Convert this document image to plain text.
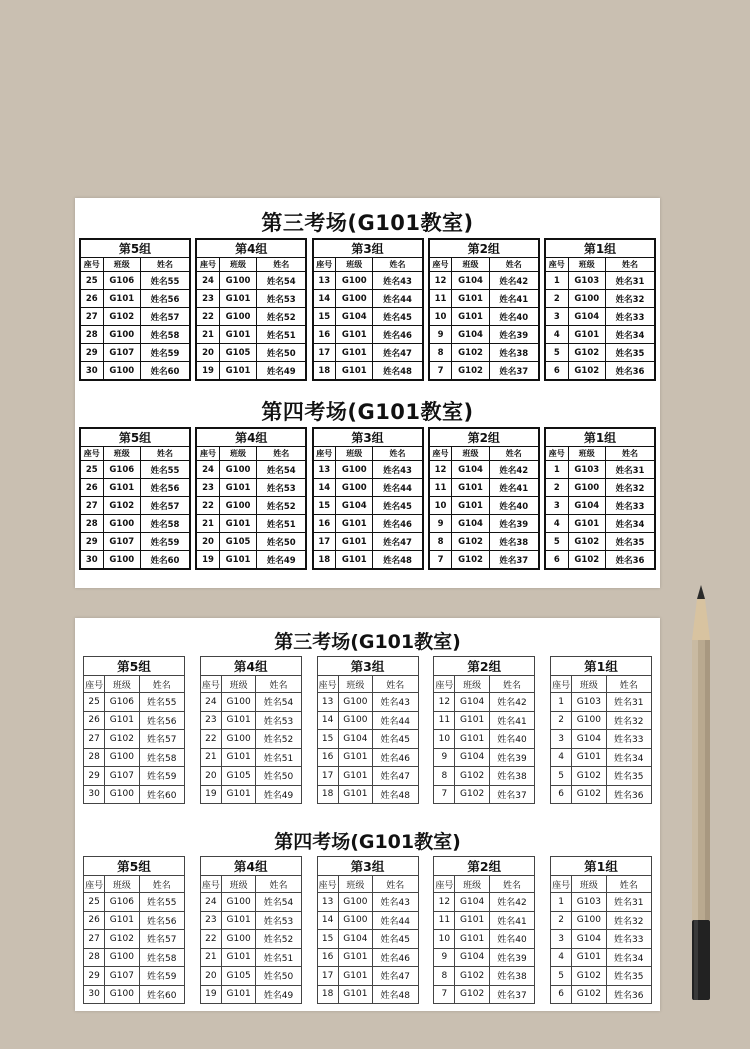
第三考场(G101教室)
第5组		
座号	班级	姓名
25	G106	姓名55
26	G101	姓名56
27	G102	姓名57
28	G100	姓名58
29	G107	姓名59
30	G100	姓名60
第4组		
座号	班级	姓名
24	G100	姓名54
23	G101	姓名53
22	G100	姓名52
21	G101	姓名51
20	G105	姓名50
19	G101	姓名49
第3组		
座号	班级	姓名
13	G100	姓名43
14	G100	姓名44
15	G104	姓名45
16	G101	姓名46
17	G101	姓名47
18	G101	姓名48
第2组		
座号	班级	姓名
12	G104	姓名42
11	G101	姓名41
10	G101	姓名40
9	G104	姓名39
8	G102	姓名38
7	G102	姓名37
第1组		
座号	班级	姓名
1	G103	姓名31
2	G100	姓名32
3	G104	姓名33
4	G101	姓名34
5	G102	姓名35
6	G102	姓名36
第四考场(G101教室)
第5组		
座号	班级	姓名
25	G106	姓名55
26	G101	姓名56
27	G102	姓名57
28	G100	姓名58
29	G107	姓名59
30	G100	姓名60
第4组		
座号	班级	姓名
24	G100	姓名54
23	G101	姓名53
22	G100	姓名52
21	G101	姓名51
20	G105	姓名50
19	G101	姓名49
第3组		
座号	班级	姓名
13	G100	姓名43
14	G100	姓名44
15	G104	姓名45
16	G101	姓名46
17	G101	姓名47
18	G101	姓名48
第2组		
座号	班级	姓名
12	G104	姓名42
11	G101	姓名41
10	G101	姓名40
9	G104	姓名39
8	G102	姓名38
7	G102	姓名37
第1组		
座号	班级	姓名
1	G103	姓名31
2	G100	姓名32
3	G104	姓名33
4	G101	姓名34
5	G102	姓名35
6	G102	姓名36
第三考场(G101教室)
第5组		
座号	班级	姓名
25	G106	姓名55
26	G101	姓名56
27	G102	姓名57
28	G100	姓名58
29	G107	姓名59
30	G100	姓名60
第4组		
座号	班级	姓名
24	G100	姓名54
23	G101	姓名53
22	G100	姓名52
21	G101	姓名51
20	G105	姓名50
19	G101	姓名49
第3组		
座号	班级	姓名
13	G100	姓名43
14	G100	姓名44
15	G104	姓名45
16	G101	姓名46
17	G101	姓名47
18	G101	姓名48
第2组		
座号	班级	姓名
12	G104	姓名42
11	G101	姓名41
10	G101	姓名40
9	G104	姓名39
8	G102	姓名38
7	G102	姓名37
第1组		
座号	班级	姓名
1	G103	姓名31
2	G100	姓名32
3	G104	姓名33
4	G101	姓名34
5	G102	姓名35
6	G102	姓名36
第四考场(G101教室)
第5组		
座号	班级	姓名
25	G106	姓名55
26	G101	姓名56
27	G102	姓名57
28	G100	姓名58
29	G107	姓名59
30	G100	姓名60
第4组		
座号	班级	姓名
24	G100	姓名54
23	G101	姓名53
22	G100	姓名52
21	G101	姓名51
20	G105	姓名50
19	G101	姓名49
第3组		
座号	班级	姓名
13	G100	姓名43
14	G100	姓名44
15	G104	姓名45
16	G101	姓名46
17	G101	姓名47
18	G101	姓名48
第2组		
座号	班级	姓名
12	G104	姓名42
11	G101	姓名41
10	G101	姓名40
9	G104	姓名39
8	G102	姓名38
7	G102	姓名37
第1组		
座号	班级	姓名
1	G103	姓名31
2	G100	姓名32
3	G104	姓名33
4	G101	姓名34
5	G102	姓名35
6	G102	姓名36
